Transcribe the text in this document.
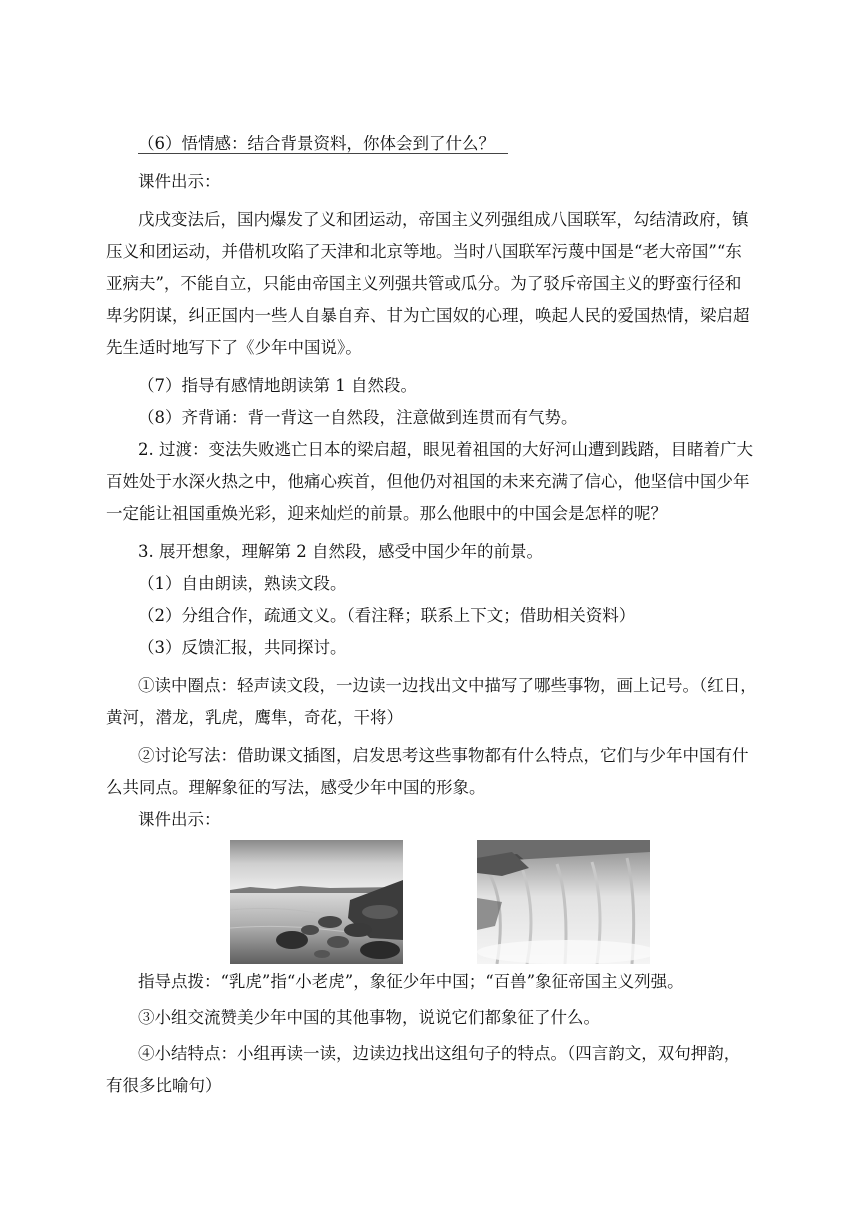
（6）悟情感：结合背景资料，你体会到了什么？
课件出示：
戊戌变法后，国内爆发了义和团运动，帝国主义列强组成八国联军，勾结清政府，镇
压义和团运动，并借机攻陷了天津和北京等地。当时八国联军污蔑中国是“老大帝国”“东
亚病夫”，不能自立，只能由帝国主义列强共管或瓜分。为了驳斥帝国主义的野蛮行径和
卑劣阴谋，纠正国内一些人自暴自弃、甘为亡国奴的心理，唤起人民的爱国热情，梁启超
先生适时地写下了《少年中国说》。
（7）指导有感情地朗读第 1 自然段。
（8）齐背诵：背一背这一自然段，注意做到连贯而有气势。
2. 过渡：变法失败逃亡日本的梁启超，眼见着祖国的大好河山遭到践踏，目睹着广大
百姓处于水深火热之中，他痛心疾首，但他仍对祖国的未来充满了信心，他坚信中国少年
一定能让祖国重焕光彩，迎来灿烂的前景。那么他眼中的中国会是怎样的呢？
3. 展开想象，理解第 2 自然段，感受中国少年的前景。
（1）自由朗读，熟读文段。
（2）分组合作，疏通文义。（看注释；联系上下文；借助相关资料）
（3）反馈汇报，共同探讨。
①读中圈点：轻声读文段，一边读一边找出文中描写了哪些事物，画上记号。（红日，
黄河，潜龙，乳虎，鹰隼，奇花，干将）
②讨论写法：借助课文插图，启发思考这些事物都有什么特点，它们与少年中国有什
么共同点。理解象征的写法，感受少年中国的形象。
课件出示：
指导点拨：“乳虎”指“小老虎”，象征少年中国；“百兽”象征帝国主义列强。
③小组交流赞美少年中国的其他事物，说说它们都象征了什么。
④小结特点：小组再读一读，边读边找出这组句子的特点。（四言韵文，双句押韵，
有很多比喻句）
